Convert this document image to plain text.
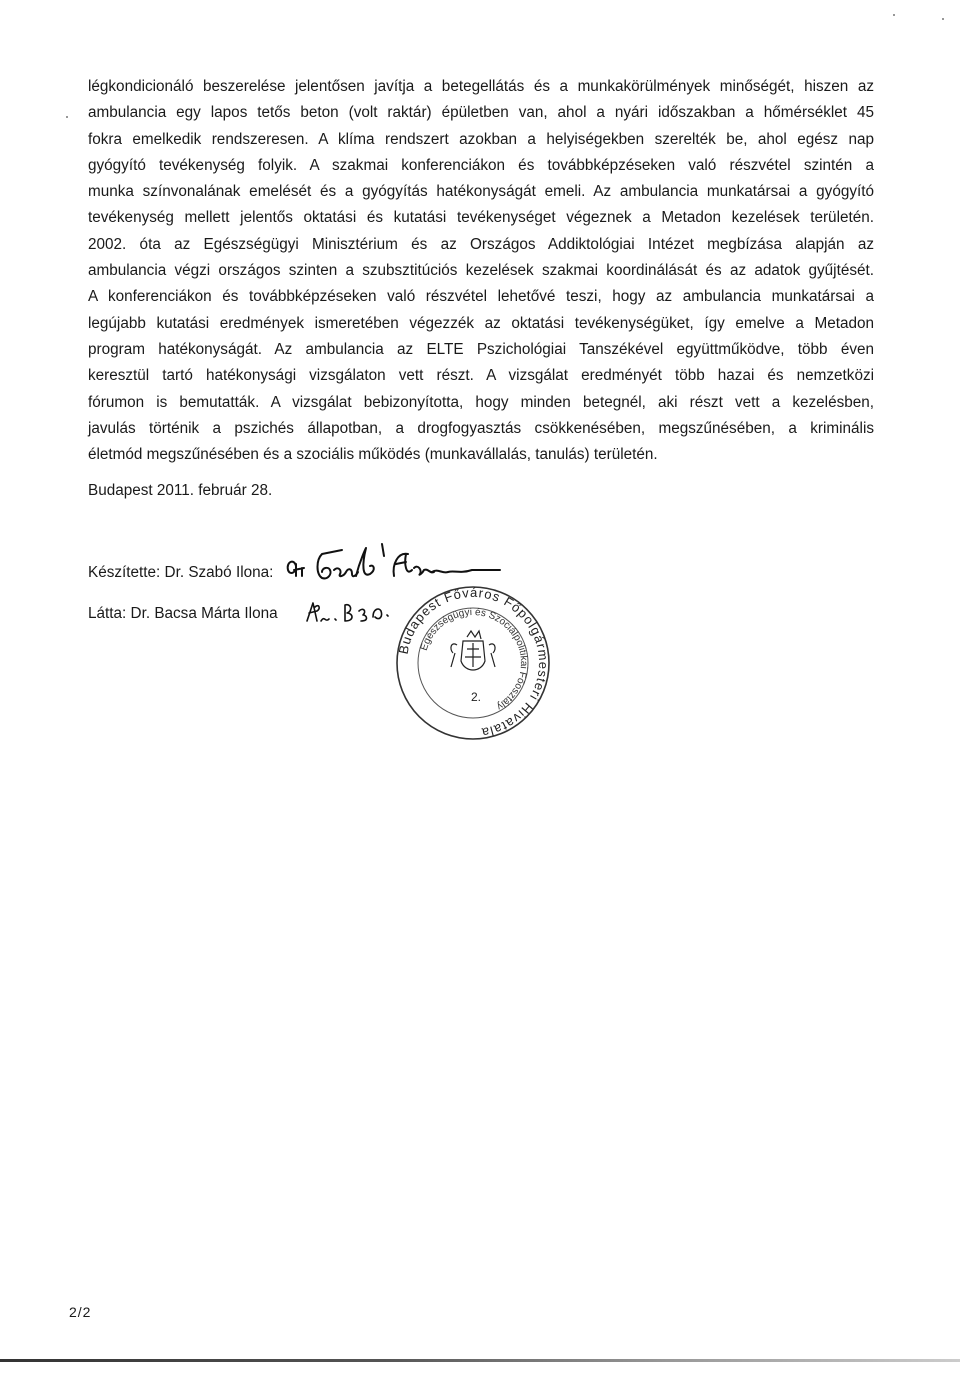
légkondicionáló beszerelése jelentősen javítja a betegellátás és a munkakörülmények minőségét, hiszen az
ambulancia egy lapos tetős beton (volt raktár) épületben van, ahol a nyári időszakban a hőmérséklet 45
fokra emelkedik rendszeresen. A klíma rendszert azokban a helyiségekben szerelték be, ahol egész nap
gyógyító tevékenység folyik. A szakmai konferenciákon és továbbképzéseken való részvétel szintén a
munka színvonalának emelését és a gyógyítás hatékonyságát emeli. Az ambulancia munkatársai a gyógyító
tevékenység mellett jelentős oktatási és kutatási tevékenységet végeznek a Metadon kezelések területén.
2002. óta az Egészségügyi Minisztérium és az Országos Addiktológiai Intézet megbízása alapján az
ambulancia végzi országos szinten a szubsztitúciós kezelések szakmai koordinálását és az adatok gyűjtését.
A konferenciákon és továbbképzéseken való részvétel lehetővé teszi, hogy az ambulancia munkatársai a
legújabb kutatási eredmények ismeretében végezzék az oktatási tevékenységüket, így emelve a Metadon
program hatékonyságát. Az ambulancia az ELTE Pszichológiai Tanszékével együttműködve, több éven
keresztül tartó hatékonysági vizsgálaton vett részt. A vizsgálat eredményét több hazai és nemzetközi
fórumon is bemutatták. A vizsgálat bebizonyította, hogy minden betegnél, aki részt vett a kezelésben,
javulás történik a pszichés állapotban, a drogfogyasztás csökkenésében, megszűnésében, a kriminális
életmód megszűnésében és a szociális működés (munkavállalás, tanulás) területén.
Budapest 2011. február 28.
Készítette: Dr. Szabó Ilona:
Látta: Dr. Bacsa Márta Ilona
Budapest Főváros Főpolgármesteri Hivatala
Egészségügyi és Szociálpolitikai Főosztály
2.
2/2
